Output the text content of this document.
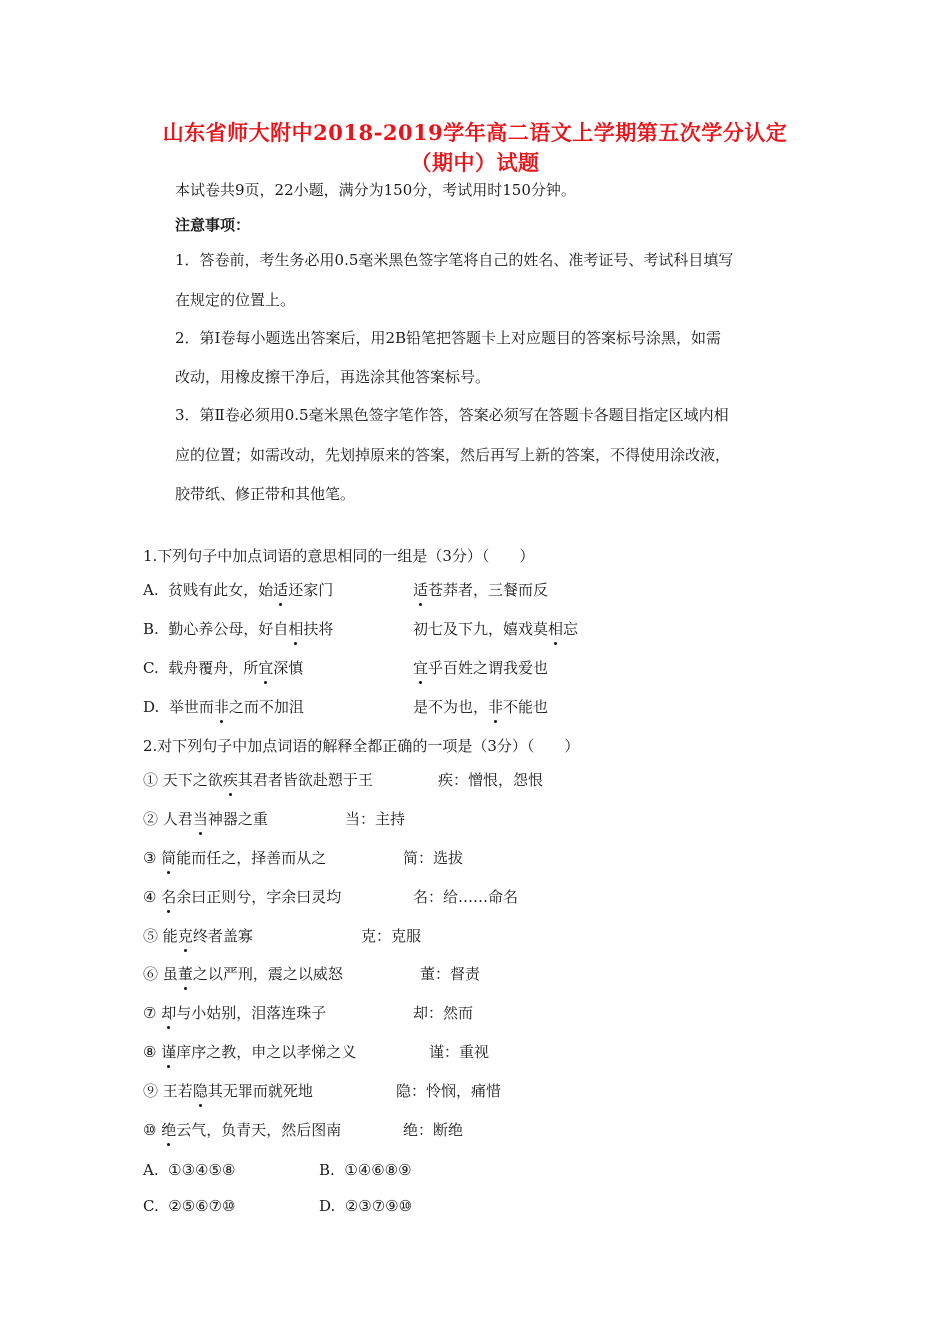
山东省师大附中2018-2019学年高二语文上学期第五次学分认定
（期中）试题
本试卷共9页，22小题，满分为150分，考试用时150分钟。
注意事项：
1．答卷前，考生务必用0.5毫米黑色签字笔将自己的姓名、准考证号、考试科目填写
在规定的位置上。
2．第Ⅰ卷每小题选出答案后，用2B铅笔把答题卡上对应题目的答案标号涂黑，如需
改动，用橡皮擦干净后，再选涂其他答案标号。
3．第Ⅱ卷必须用0.5毫米黑色签字笔作答，答案必须写在答题卡各题目指定区域内相
应的位置；如需改动，先划掉原来的答案，然后再写上新的答案，不得使用涂改液，
胶带纸、修正带和其他笔。
1.下列句子中加点词语的意思相同的一组是（3分）（　　）
A. 贫贱有此女，始适还家门	适苍莽者，三餐而反
B. 勤心养公母，好自相扶将	初七及下九，嬉戏莫相忘
C. 载舟覆舟，所宜深慎	宜乎百姓之谓我爱也
D. 举世而非之而不加沮	是不为也，非不能也
2.对下列句子中加点词语的解释全都正确的一项是（3分）（　　）
① 天下之欲疾其君者皆欲赴愬于王	疾：憎恨，怨恨
② 人君当神器之重	当：主持
③ 简能而任之，择善而从之	简：选拔
④ 名余曰正则兮，字余曰灵均	名：给……命名
⑤ 能克终者盖寡	克：克服
⑥ 虽董之以严刑，震之以威怒	董：督责
⑦ 却与小姑别，泪落连珠子	却：然而
⑧ 谨庠序之教，申之以孝悌之义	谨：重视
⑨ 王若隐其无罪而就死地	隐：怜悯，痛惜
⑩ 绝云气，负青天，然后图南	绝：断绝
A. ①③④⑤⑧	B. ①④⑥⑧⑨
C. ②⑤⑥⑦⑩	D. ②③⑦⑨⑩
